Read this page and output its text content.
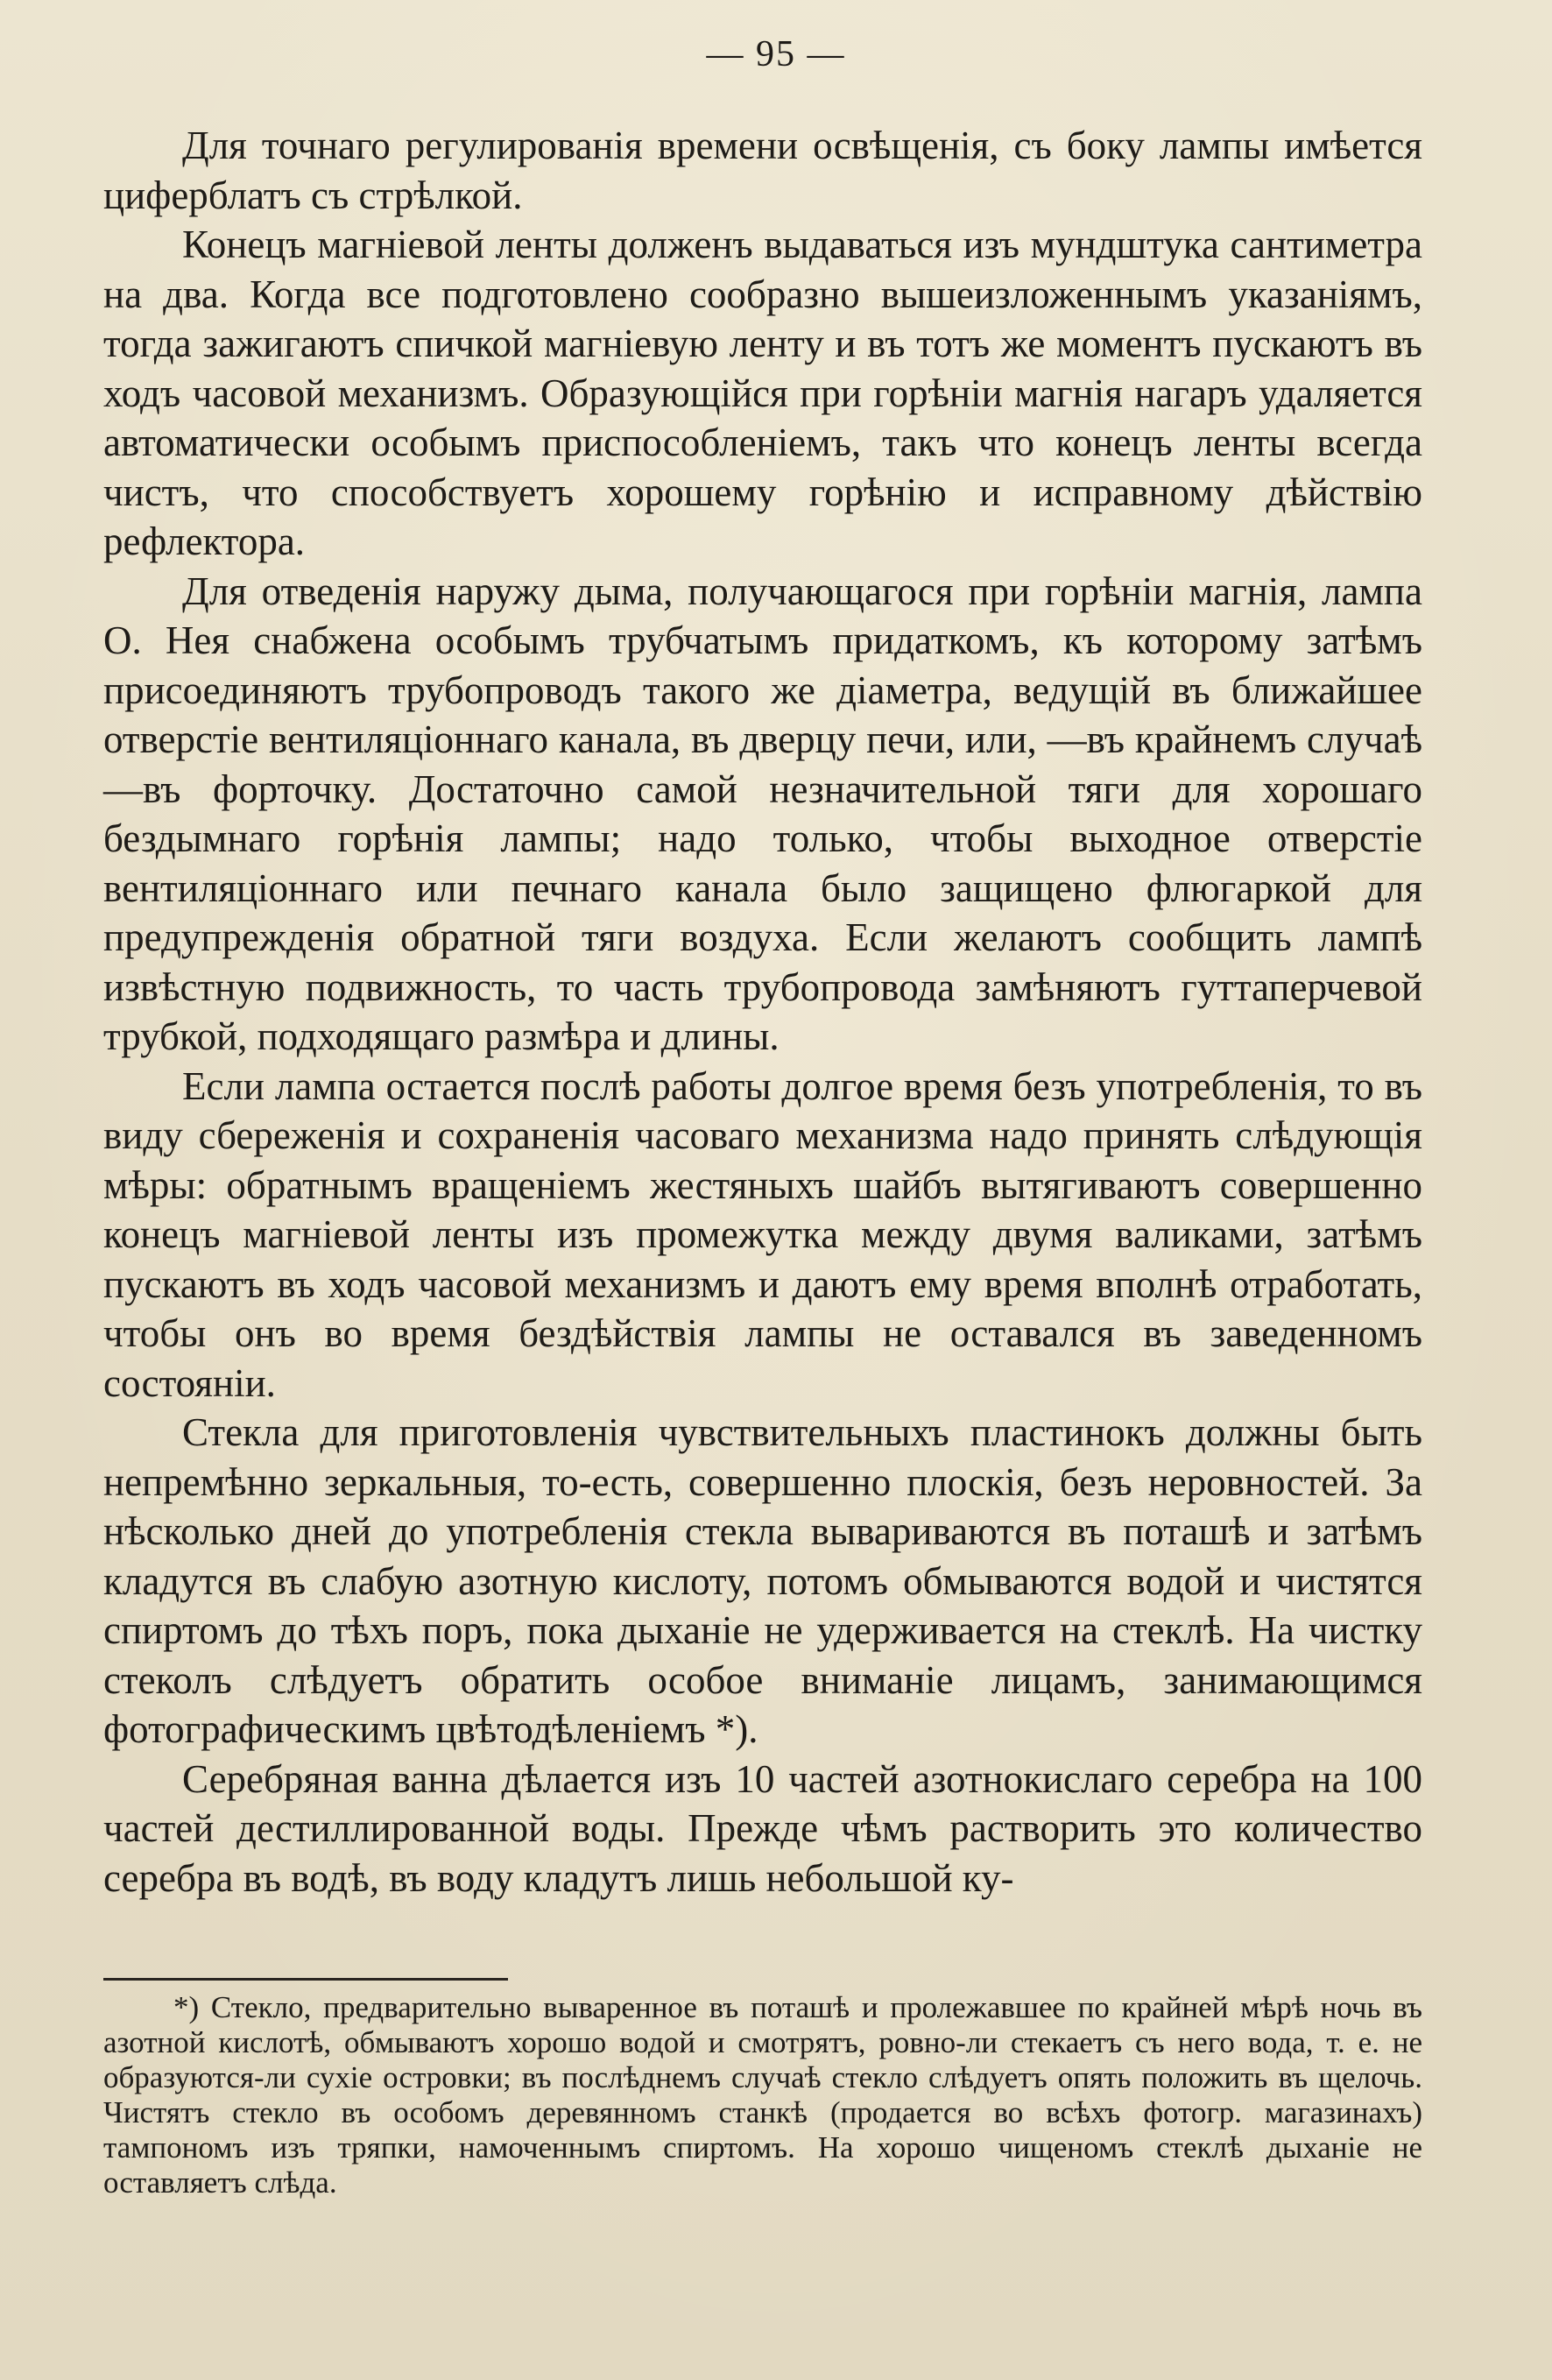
— 95 —

Для точнаго регулированія времени освѣщенія, съ боку лампы имѣется циферблатъ съ стрѣлкой.

Конецъ магніевой ленты долженъ выдаваться изъ мундштука сантиметра на два. Когда все подготовлено сообразно вышеизложеннымъ указаніямъ, тогда зажигаютъ спичкой магніевую ленту и въ тотъ же моментъ пускаютъ въ ходъ часовой механизмъ. Образующійся при горѣніи магнія нагаръ удаляется автоматически особымъ приспособленіемъ, такъ что конецъ ленты всегда чистъ, что способствуетъ хорошему горѣнію и исправному дѣйствію рефлектора.

Для отведенія наружу дыма, получающагося при горѣніи магнія, лампа О. Нея снабжена особымъ трубчатымъ придаткомъ, къ которому затѣмъ присоединяютъ трубопроводъ такого же діаметра, ведущій въ ближайшее отверстіе вентиляціоннаго канала, въ дверцу печи, или, —въ крайнемъ случаѣ—въ форточку. Достаточно самой незначительной тяги для хорошаго бездымнаго горѣнія лампы; надо только, чтобы выходное отверстіе вентиляціоннаго или печнаго канала было защищено флюгаркой для предупрежденія обратной тяги воздуха. Если желаютъ сообщить лампѣ извѣстную подвижность, то часть трубопровода замѣняютъ гуттаперчевой трубкой, подходящаго размѣра и длины.

Если лампа остается послѣ работы долгое время безъ употребленія, то въ виду сбереженія и сохраненія часоваго механизма надо принять слѣдующія мѣры: обратнымъ вращеніемъ жестяныхъ шайбъ вытягиваютъ совершенно конецъ магніевой ленты изъ промежутка между двумя валиками, затѣмъ пускаютъ въ ходъ часовой механизмъ и даютъ ему время вполнѣ отработать, чтобы онъ во время бездѣйствія лампы не оставался въ заведенномъ состояніи.

Стекла для приготовленія чувствительныхъ пластинокъ должны быть непремѣнно зеркальныя, то-есть, совершенно плоскія, безъ неровностей. За нѣсколько дней до употребленія стекла вывариваются въ поташѣ и затѣмъ кладутся въ слабую азотную кислоту, потомъ обмываются водой и чистятся спиртомъ до тѣхъ поръ, пока дыханіе не удерживается на стеклѣ. На чистку стеколъ слѣдуетъ обратить особое вниманіе лицамъ, занимающимся фотографическимъ цвѣтодѣленіемъ *).

Серебряная ванна дѣлается изъ 10 частей азотнокислаго серебра на 100 частей дестиллированной воды. Прежде чѣмъ растворить это количество серебра въ водѣ, въ воду кладутъ лишь небольшой ку-

*) Стекло, предварительно вываренное въ поташѣ и пролежавшее по крайней мѣрѣ ночь въ азотной кислотѣ, обмываютъ хорошо водой и смотрятъ, ровно-ли стекаетъ съ него вода, т. е. не образуются-ли сухіе островки; въ послѣднемъ случаѣ стекло слѣдуетъ опять положить въ щелочь. Чистятъ стекло въ особомъ деревянномъ станкѣ (продается во всѣхъ фотогр. магазинахъ) тампономъ изъ тряпки, намоченнымъ спиртомъ. На хорошо чищеномъ стеклѣ дыханіе не оставляетъ слѣда.
